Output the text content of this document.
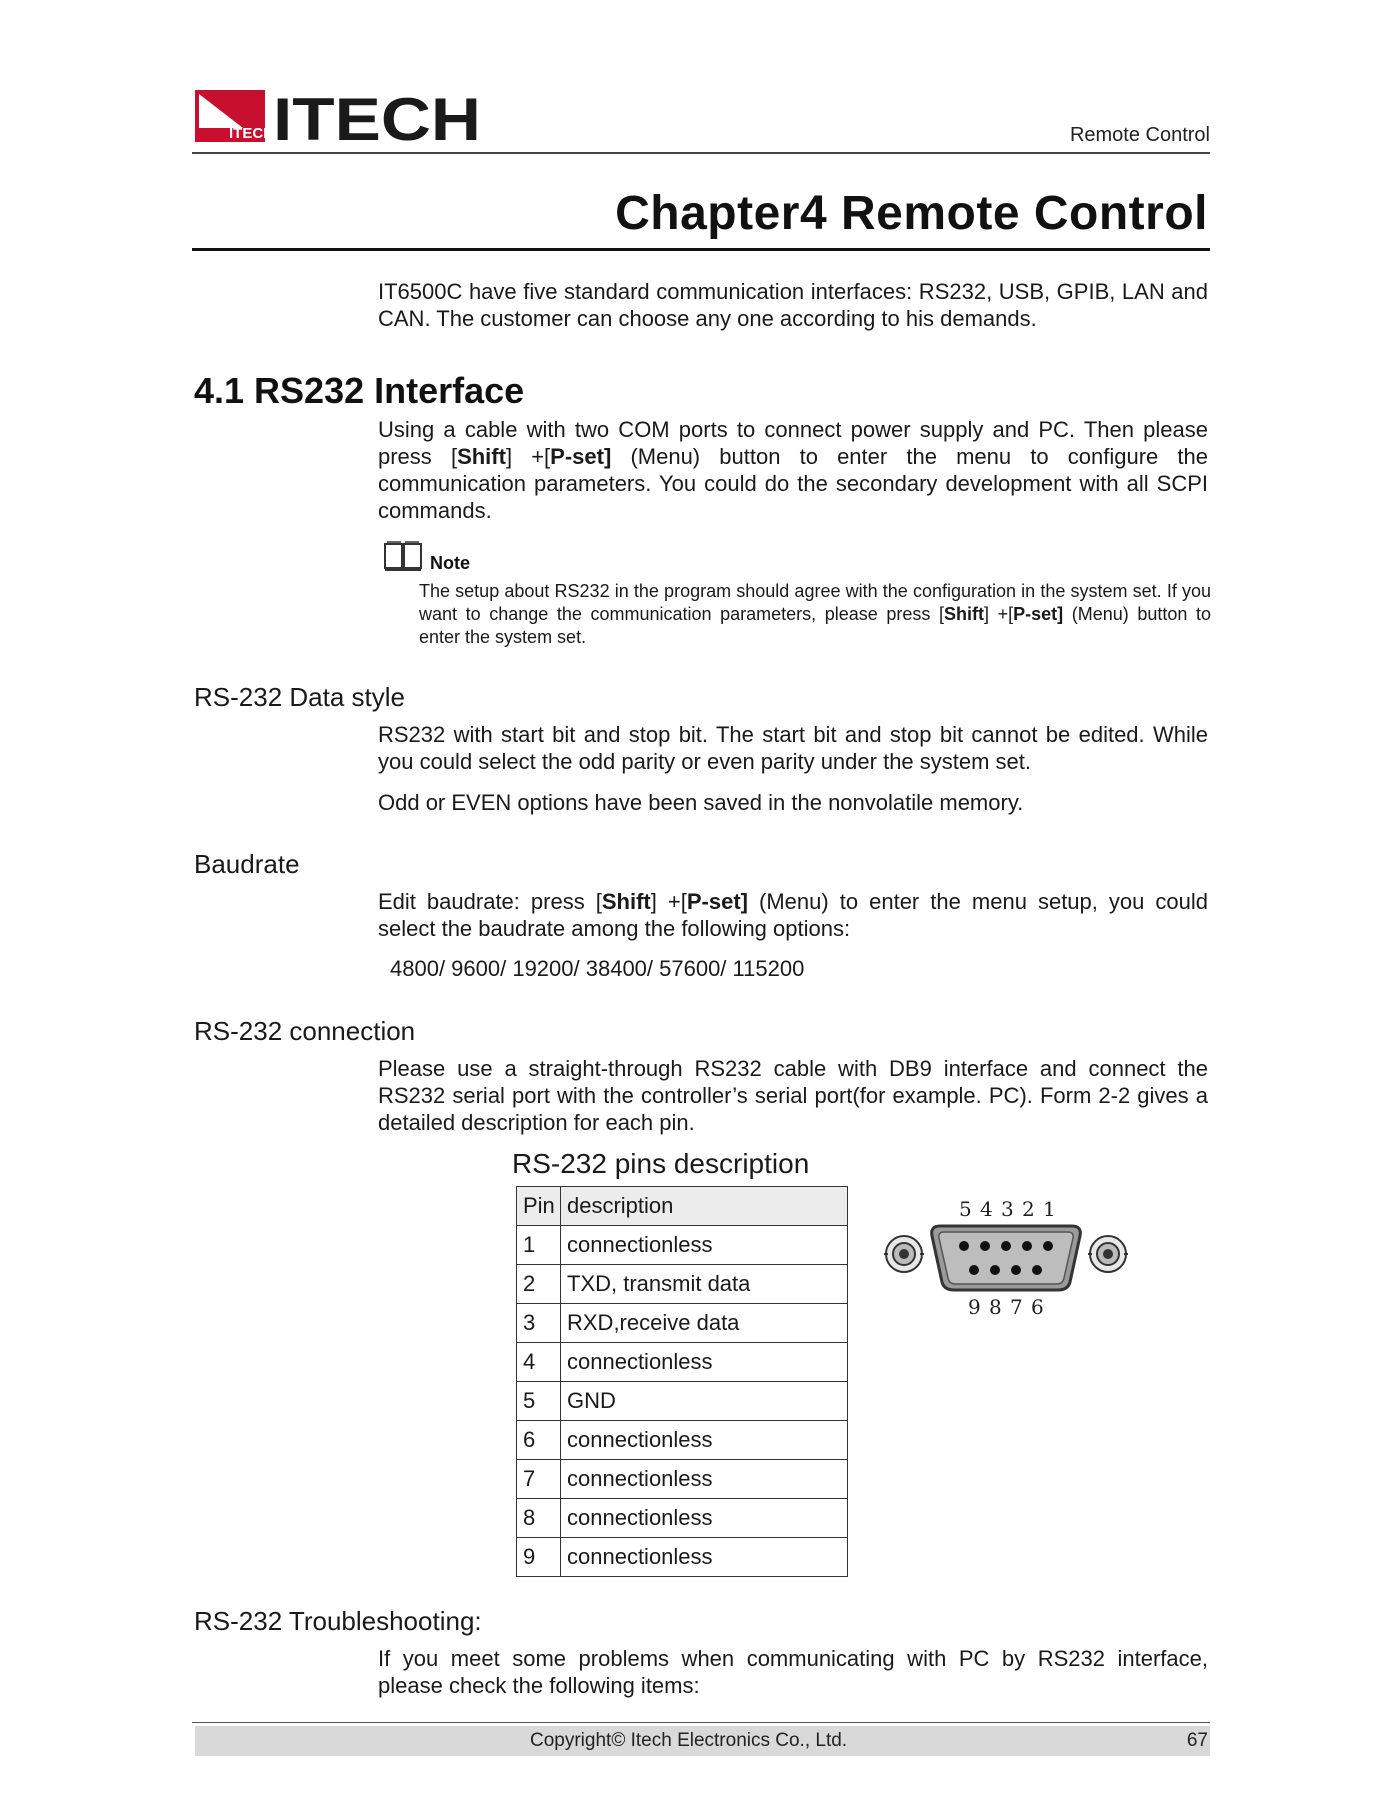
ITECH ITECH	Remote Control
Chapter4 Remote Control
IT6500C have five standard communication interfaces: RS232, USB, GPIB, LAN and CAN. The customer can choose any one according to his demands.
4.1 RS232 Interface
Using a cable with two COM ports to connect power supply and PC. Then please press [Shift] +[P-set] (Menu) button to enter the menu to configure the communication parameters. You could do the secondary development with all SCPI commands.
Note
The setup about RS232 in the program should agree with the configuration in the system set. If you want to change the communication parameters, please press [Shift] +[P-set] (Menu) button to enter the system set.
RS-232 Data style
RS232 with start bit and stop bit. The start bit and stop bit cannot be edited. While you could select the odd parity or even parity under the system set.
Odd or EVEN options have been saved in the nonvolatile memory.
Baudrate
Edit baudrate: press [Shift] +[P-set] (Menu) to enter the menu setup, you could select the baudrate among the following options:
4800/ 9600/ 19200/ 38400/ 57600/ 115200
RS-232 connection
Please use a straight-through RS232 cable with DB9 interface and connect the RS232 serial port with the controller’s serial port(for example. PC). Form 2-2 gives a detailed description for each pin.
RS-232 pins description
Pin	description
1	connectionless
2	TXD, transmit data
3	RXD,receive data
4	connectionless
5	GND
6	connectionless
7	connectionless
8	connectionless
9	connectionless
5 4 3 2 1
9 8 7 6
RS-232 Troubleshooting:
If you meet some problems when communicating with PC by RS232 interface, please check the following items:
Copyright© Itech Electronics Co., Ltd.	67
